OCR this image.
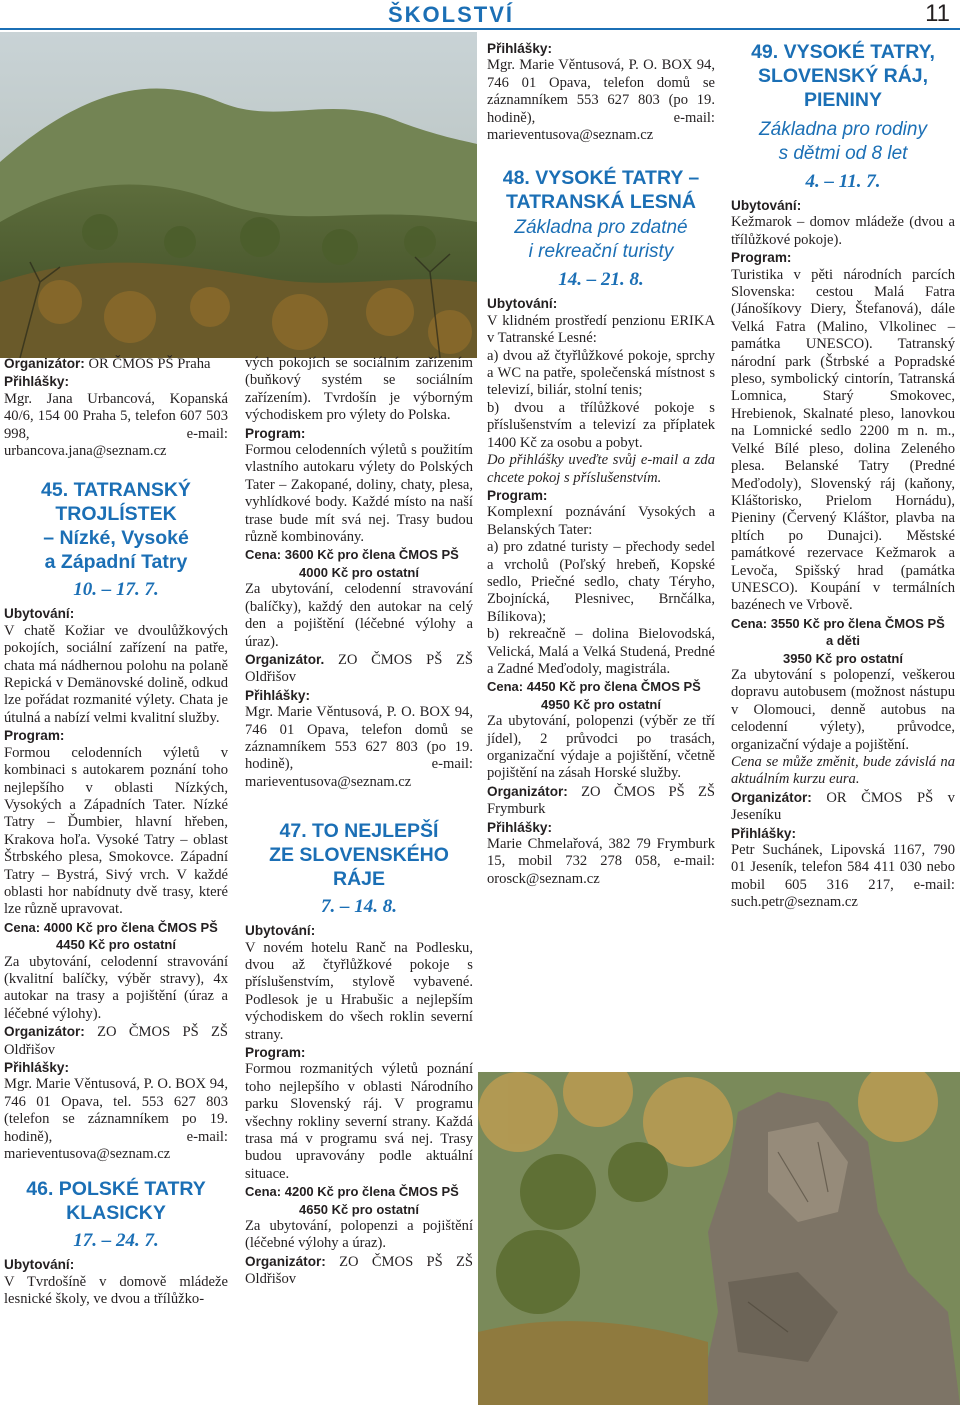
ŠKOLSTVÍ	11

Organizátor: OR ČMOS PŠ Praha

Přihlášky:

Mgr. Jana Urbancová, Kopanská 40/6, 154 00 Praha 5, telefon 607 503 998, e-mail: urbancova.jana@seznam.cz

45. TATRANSKÝ
TROJLÍSTEK
– Nízké, Vysoké
a Západní Tatry
10. – 17. 7.

Ubytování:

V chatě Kožiar ve dvoulůžkových pokojích, sociální zařízení na patře, chata má nádhernou polohu na polaně Repická v Demänovské dolině, odkud lze pořádat rozmanité výlety. Chata je útulná a nabízí velmi kvalitní služby.

Program:

Formou celodenních výletů v kombinaci s autokarem poznání toho nejlepšího v oblasti Nízkých, Vysokých a Západních Tater. Nízké Tatry – Ďumbier, hlavní hřeben, Krakova hoľa. Vysoké Tatry – oblast Štrbského plesa, Smokovce. Západní Tatry – Bystrá, Sivý vrch. V každé oblasti hor nabídnuty dvě trasy, které lze různě upravovat.

Cena: 4000 Kč pro člena ČMOS PŠ

4450 Kč pro ostatní

Za ubytování, celodenní stravování (kvalitní balíčky, výběr stravy), 4x autokar na trasy a pojištění (úraz a léčebné výlohy).

Organizátor: ZO ČMOS PŠ ZŠ Oldřišov

Přihlášky:

Mgr. Marie Věntusová, P. O. BOX 94, 746 01 Opava, tel. 553 627 803 (telefon se záznamníkem po 19. hodině), e-mail: marieventusova@seznam.cz

46. POLSKÉ TATRY
KLASICKY
17. – 24. 7.

Ubytování:

V Tvrdošíně v domově mládeže lesnické školy, ve dvou a třílůžko-

vých pokojích se sociálním zařízením (buňkový systém se sociálním zařízením). Tvrdošín je výborným východiskem pro výlety do Polska.

Program:

Formou celodenních výletů s použitím vlastního autokaru výlety do Polských Tater – Zakopané, doliny, chaty, plesa, vyhlídkové body. Každé místo na naší trase bude mít svá nej. Trasy budou různě kombinovány.

Cena: 3600 Kč pro člena ČMOS PŠ

4000 Kč pro ostatní

Za ubytování, celodenní stravování (balíčky), každý den autokar na celý den a pojištění (léčebné výlohy a úraz).

Organizátor. ZO ČMOS PŠ ZŠ Oldřišov

Přihlášky:

Mgr. Marie Věntusová, P. O. BOX 94, 746 01 Opava, telefon domů se záznamníkem 553 627 803 (po 19. hodině), e-mail: marieventusova@seznam.cz

47. TO NEJLEPŠÍ
ZE SLOVENSKÉHO
RÁJE
7. – 14. 8.

Ubytování:

V novém hotelu Ranč na Podlesku, dvou až čtyřlůžkové pokoje s příslušenstvím, stylově vybavené. Podlesok je u Hrabušic a nejlepším východiskem do všech roklin severní strany.

Program:

Formou rozmanitých výletů poznání toho nejlepšího v oblasti Národního parku Slovenský ráj. V programu všechny rokliny severní strany. Každá trasa má v programu svá nej. Trasy budou upravovány podle aktuální situace.

Cena: 4200 Kč pro člena ČMOS PŠ

4650 Kč pro ostatní

Za ubytování, polopenzi a pojištění (léčebné výlohy a úraz).

Organizátor: ZO ČMOS PŠ ZŠ Oldřišov

Přihlášky:

Mgr. Marie Věntusová, P. O. BOX 94, 746 01 Opava, telefon domů se záznamníkem 553 627 803 (po 19. hodině), e-mail: marieventusova@seznam.cz

48. VYSOKÉ TATRY –
TATRANSKÁ LESNÁ
Základna pro zdatné
i rekreační turisty
14. – 21. 8.

Ubytování:

V klidném prostředí penzionu ERIKA v Tatranské Lesné:

a) dvou až čtyřlůžkové pokoje, sprchy a WC na patře, společenská místnost s televizí, biliár, stolní tenis;

b) dvou a třílůžkové pokoje s příslušenstvím a televizí za příplatek 1400 Kč za osobu a pobyt.

Do přihlášky uveďte svůj e-mail a zda chcete pokoj s příslušenstvím.

Program:

Komplexní poznávání Vysokých a Belanských Tater:

a) pro zdatné turisty – přechody sedel a vrcholů (Poľský hrebeň, Kopské sedlo, Priečné sedlo, chaty Téryho, Zbojnícká, Plesnivec, Brnčálka, Bílikova);

b) rekreačně – dolina Bielovodská, Velická, Malá a Velká Studená, Predné a Zadné Meďodoly, magistrála.

Cena: 4450 Kč pro člena ČMOS PŠ

4950 Kč pro ostatní

Za ubytování, polopenzi (výběr ze tří jídel), 2 průvodci po trasách, organizační výdaje a pojištění, včetně pojištění na zásah Horské služby.

Organizátor: ZO ČMOS PŠ ZŠ Frymburk

Přihlášky:

Marie Chmelařová, 382 79 Frymburk 15, mobil 732 278 058, e-mail: orosck@seznam.cz

49. VYSOKÉ TATRY,
SLOVENSKÝ RÁJ,
PIENINY
Základna pro rodiny
s dětmi od 8 let
4. – 11. 7.

Ubytování:

Kežmarok – domov mládeže (dvou a třílůžkové pokoje).

Program:

Turistika v pěti národních parcích Slovenska: cestou Malá Fatra (Jánošíkovy Diery, Štefanová), dále Velká Fatra (Malino, Vlkolinec – památka UNESCO). Tatranský národní park (Štrbské a Popradské pleso, symbolický cintorín, Tatranská Lomnica, Starý Smokovec, Hrebienok, Skalnaté pleso, lanovkou na Lomnické sedlo 2200 m n. m., Velké Bílé pleso, dolina Zeleného plesa. Belanské Tatry (Predné Meďodoly), Slovenský ráj (kaňony, Kláštorisko, Prielom Hornádu), Pieniny (Červený Kláštor, plavba na pltích po Dunajci). Městské památkové rezervace Kežmarok a Levoča, Spišský hrad (památka UNESCO). Koupání v termálních bazénech ve Vrbově.

Cena: 3550 Kč pro člena ČMOS PŠ

a děti

3950 Kč pro ostatní

Za ubytování s polopenzí, veškerou dopravu autobusem (možnost nástupu v Olomouci, denně autobus na celodenní výlety), průvodce, organizační výdaje a pojištění.

Cena se může změnit, bude závislá na aktuálním kurzu eura.

Organizátor: OR ČMOS PŠ v Jeseníku

Přihlášky:

Petr Suchánek, Lipovská 1167, 790 01 Jeseník, telefon 584 411 030 nebo mobil 605 316 217, e-mail: such.petr@seznam.cz
